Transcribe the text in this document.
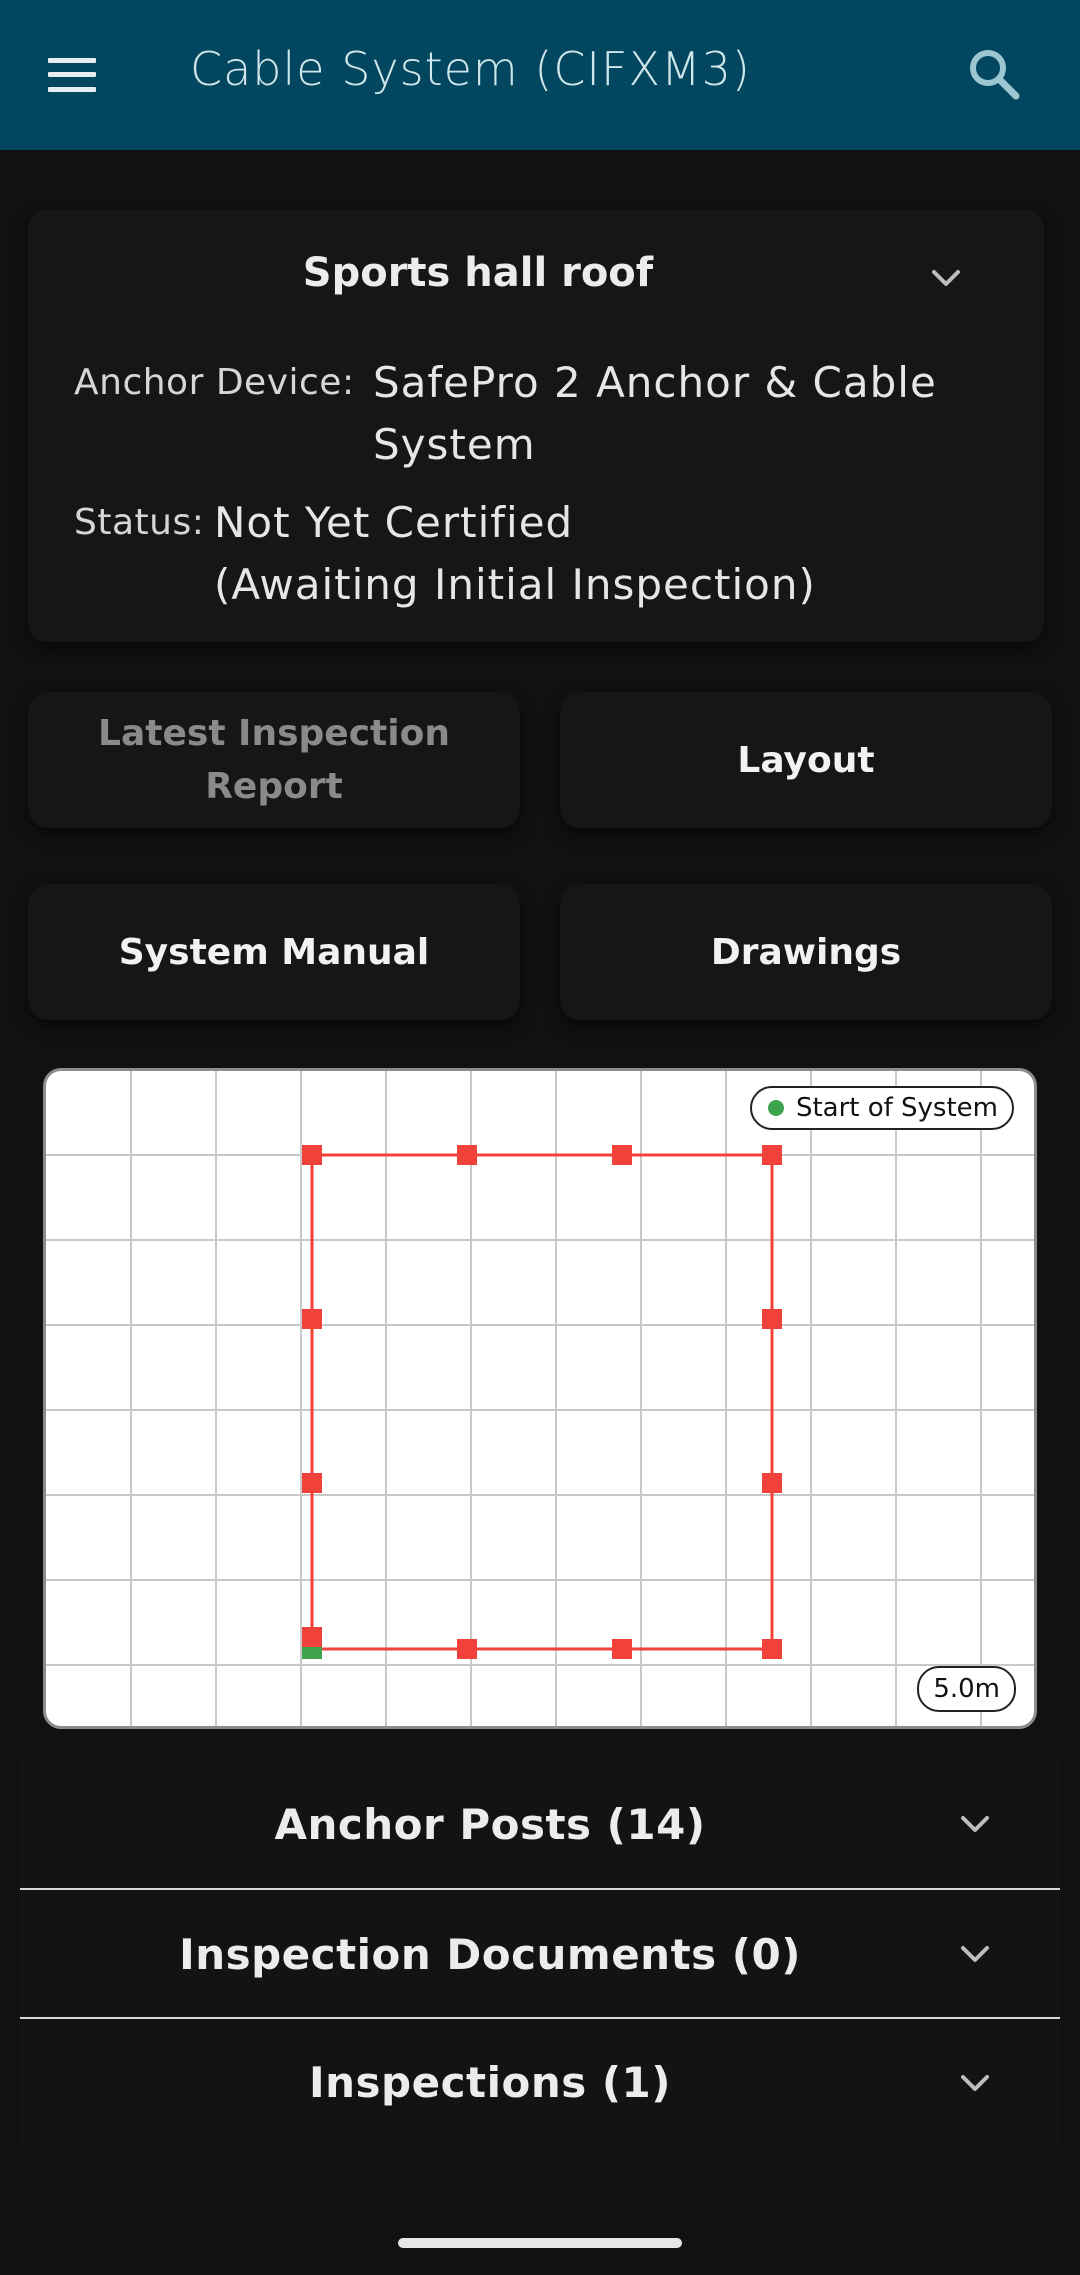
Cable System (CIFXM3)
Sports hall roof
Anchor Device: SafePro 2 Anchor & Cable
System
Status: Not Yet Certified
(Awaiting Initial Inspection)
Latest Inspection
Report
Layout
System Manual	Drawings
Start of System
5.0m
Anchor Posts (14)
Inspection Documents (0)
Inspections (1)
